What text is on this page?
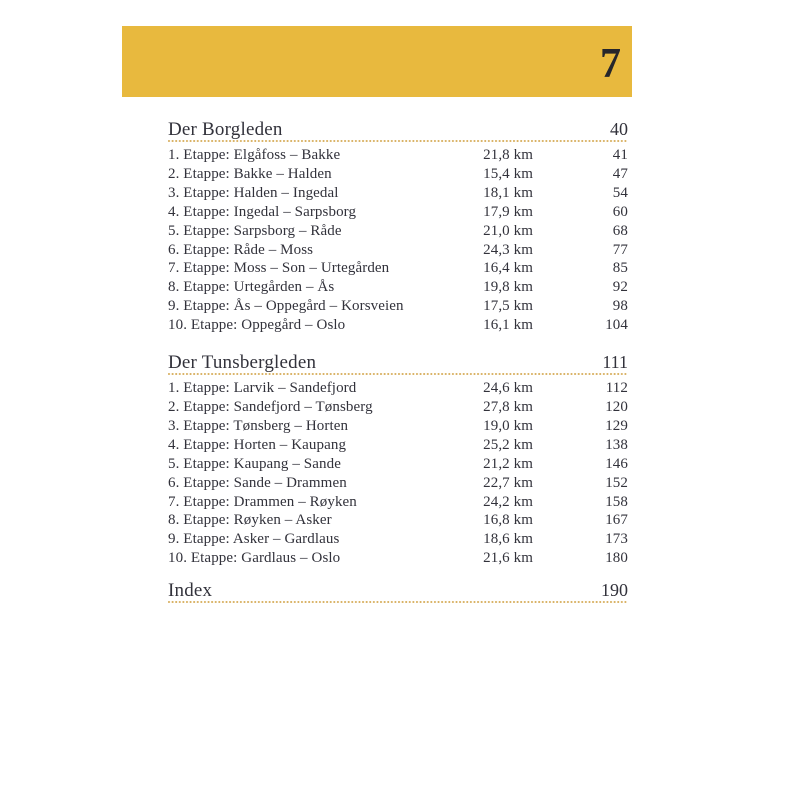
7
Der Borgleden	40
1. Etappe: Elgåfoss – Bakke	21,8 km	41
2. Etappe: Bakke – Halden	15,4 km	47
3. Etappe: Halden – Ingedal	18,1 km	54
4. Etappe: Ingedal – Sarpsborg	17,9 km	60
5. Etappe: Sarpsborg – Råde	21,0 km	68
6. Etappe: Råde – Moss	24,3 km	77
7. Etappe: Moss – Son – Urtegården	16,4 km	85
8. Etappe: Urtegården – Ås	19,8 km	92
9. Etappe: Ås – Oppegård – Korsveien	17,5 km	98
10. Etappe: Oppegård – Oslo	16,1 km	104
Der Tunsbergleden	111
1. Etappe: Larvik – Sandefjord	24,6 km	112
2. Etappe: Sandefjord – Tønsberg	27,8 km	120
3. Etappe: Tønsberg – Horten	19,0 km	129
4. Etappe: Horten – Kaupang	25,2 km	138
5. Etappe: Kaupang – Sande	21,2 km	146
6. Etappe: Sande – Drammen	22,7 km	152
7. Etappe: Drammen – Røyken	24,2 km	158
8. Etappe: Røyken – Asker	16,8 km	167
9. Etappe: Asker – Gardlaus	18,6 km	173
10. Etappe: Gardlaus – Oslo	21,6 km	180
Index	190
